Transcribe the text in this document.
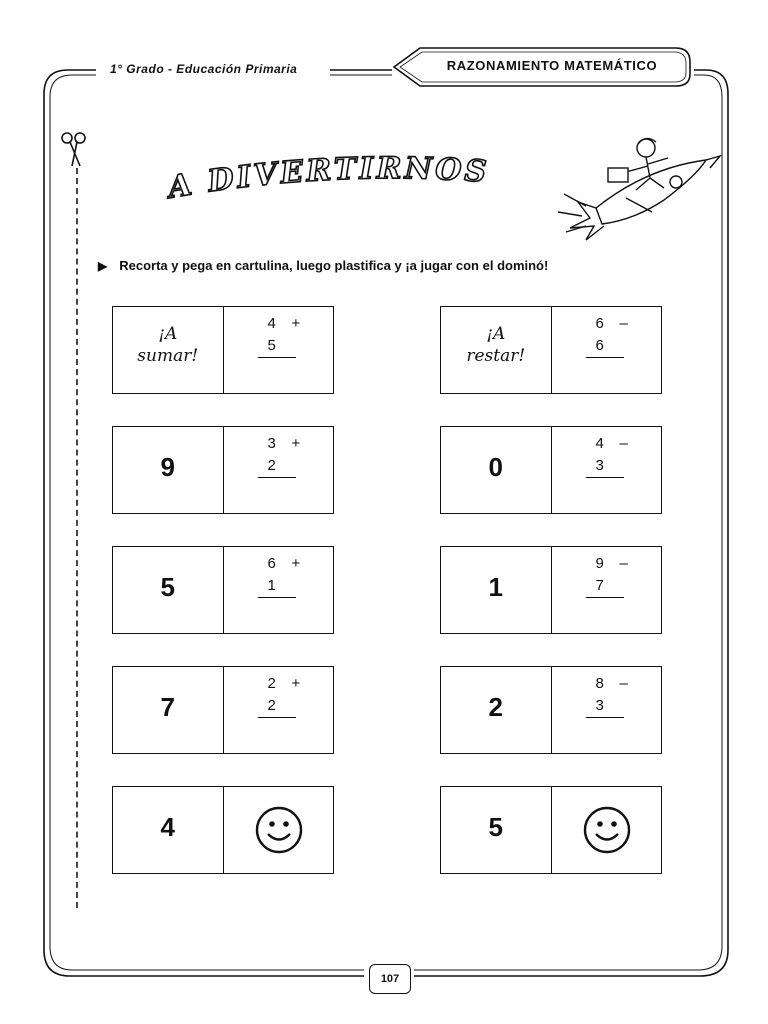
1° Grado - Educación Primaria	RAZONAMIENTO MATEMÁTICO
A DIVERTIRNOS
▶ Recorta y pega en cartulina, luego plastifica y ¡a jugar con el dominó!
¡A
sumar!
4 +
5
9
3 +
2
5
6 +
1
7
2 +
2
4
¡A
restar!
6 –
6
0
4 –
3
1
9 –
7
2
8 –
3
5
107
